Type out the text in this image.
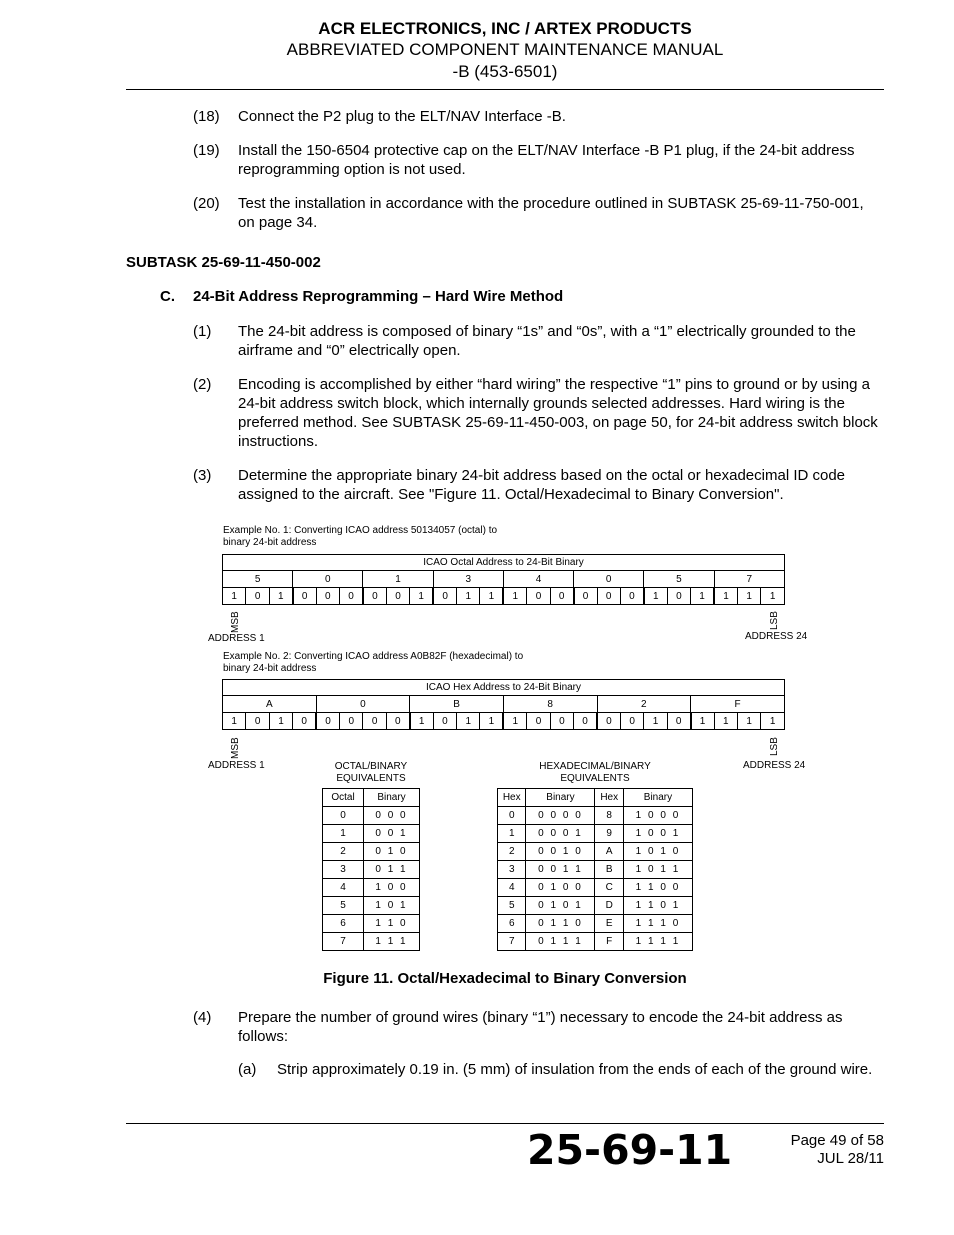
ACR ELECTRONICS, INC / ARTEX PRODUCTS
ABBREVIATED COMPONENT MAINTENANCE MANUAL
-B (453-6501)
(18) Connect the P2 plug to the ELT/NAV Interface -B.
(19) Install the 150-6504 protective cap on the ELT/NAV Interface -B P1 plug, if the 24-bit address reprogramming option is not used.
(20) Test the installation in accordance with the procedure outlined in SUBTASK 25-69-11-750-001, on page 34.
SUBTASK 25-69-11-450-002
C. 24-Bit Address Reprogramming – Hard Wire Method
(1) The 24-bit address is composed of binary “1s” and “0s”, with a “1” electrically grounded to the airframe and “0” electrically open.
(2) Encoding is accomplished by either “hard wiring” the respective “1” pins to ground or by using a 24-bit address switch block, which internally grounds selected addresses. Hard wiring is the preferred method. See SUBTASK 25-69-11-450-003, on page 50, for 24-bit address switch block instructions.
(3) Determine the appropriate binary 24-bit address based on the octal or hexadecimal ID code assigned to the aircraft. See "Figure 11. Octal/Hexadecimal to Binary Conversion".
Example No. 1: Converting ICAO address 50134057 (octal) to
binary 24-bit address
ICAO Octal Address to 24-Bit Binary																							
5			0			1			3			4			0			5			7		
1	0	1	0	0	0	0	0	1	0	1	1	1	0	0	0	0	0	1	0	1	1	1	1
MSB	LSB
ADDRESS 1	ADDRESS 24
Example No. 2: Converting ICAO address A0B82F (hexadecimal) to
binary 24-bit address
ICAO Hex Address to 24-Bit Binary																							
A				0				B				8				2				F			
1	0	1	0	0	0	0	0	1	0	1	1	1	0	0	0	0	0	1	0	1	1	1	1
MSB	LSB
ADDRESS 1	ADDRESS 24
OCTAL/BINARY
EQUIVALENTS
Octal	Binary
0	0 0 0
1	0 0 1
2	0 1 0
3	0 1 1
4	1 0 0
5	1 0 1
6	1 1 0
7	1 1 1
HEXADECIMAL/BINARY
EQUIVALENTS
Hex	Binary	Hex	Binary
0	0 0 0 0	8	1 0 0 0
1	0 0 0 1	9	1 0 0 1
2	0 0 1 0	A	1 0 1 0
3	0 0 1 1	B	1 0 1 1
4	0 1 0 0	C	1 1 0 0
5	0 1 0 1	D	1 1 0 1
6	0 1 1 0	E	1 1 1 0
7	0 1 1 1	F	1 1 1 1
Figure 11. Octal/Hexadecimal to Binary Conversion
(4) Prepare the number of ground wires (binary “1”) necessary to encode the 24-bit address as follows:
(a) Strip approximately 0.19 in. (5 mm) of insulation from the ends of each of the ground wire.
25-69-11	Page 49 of 58
JUL 28/11
